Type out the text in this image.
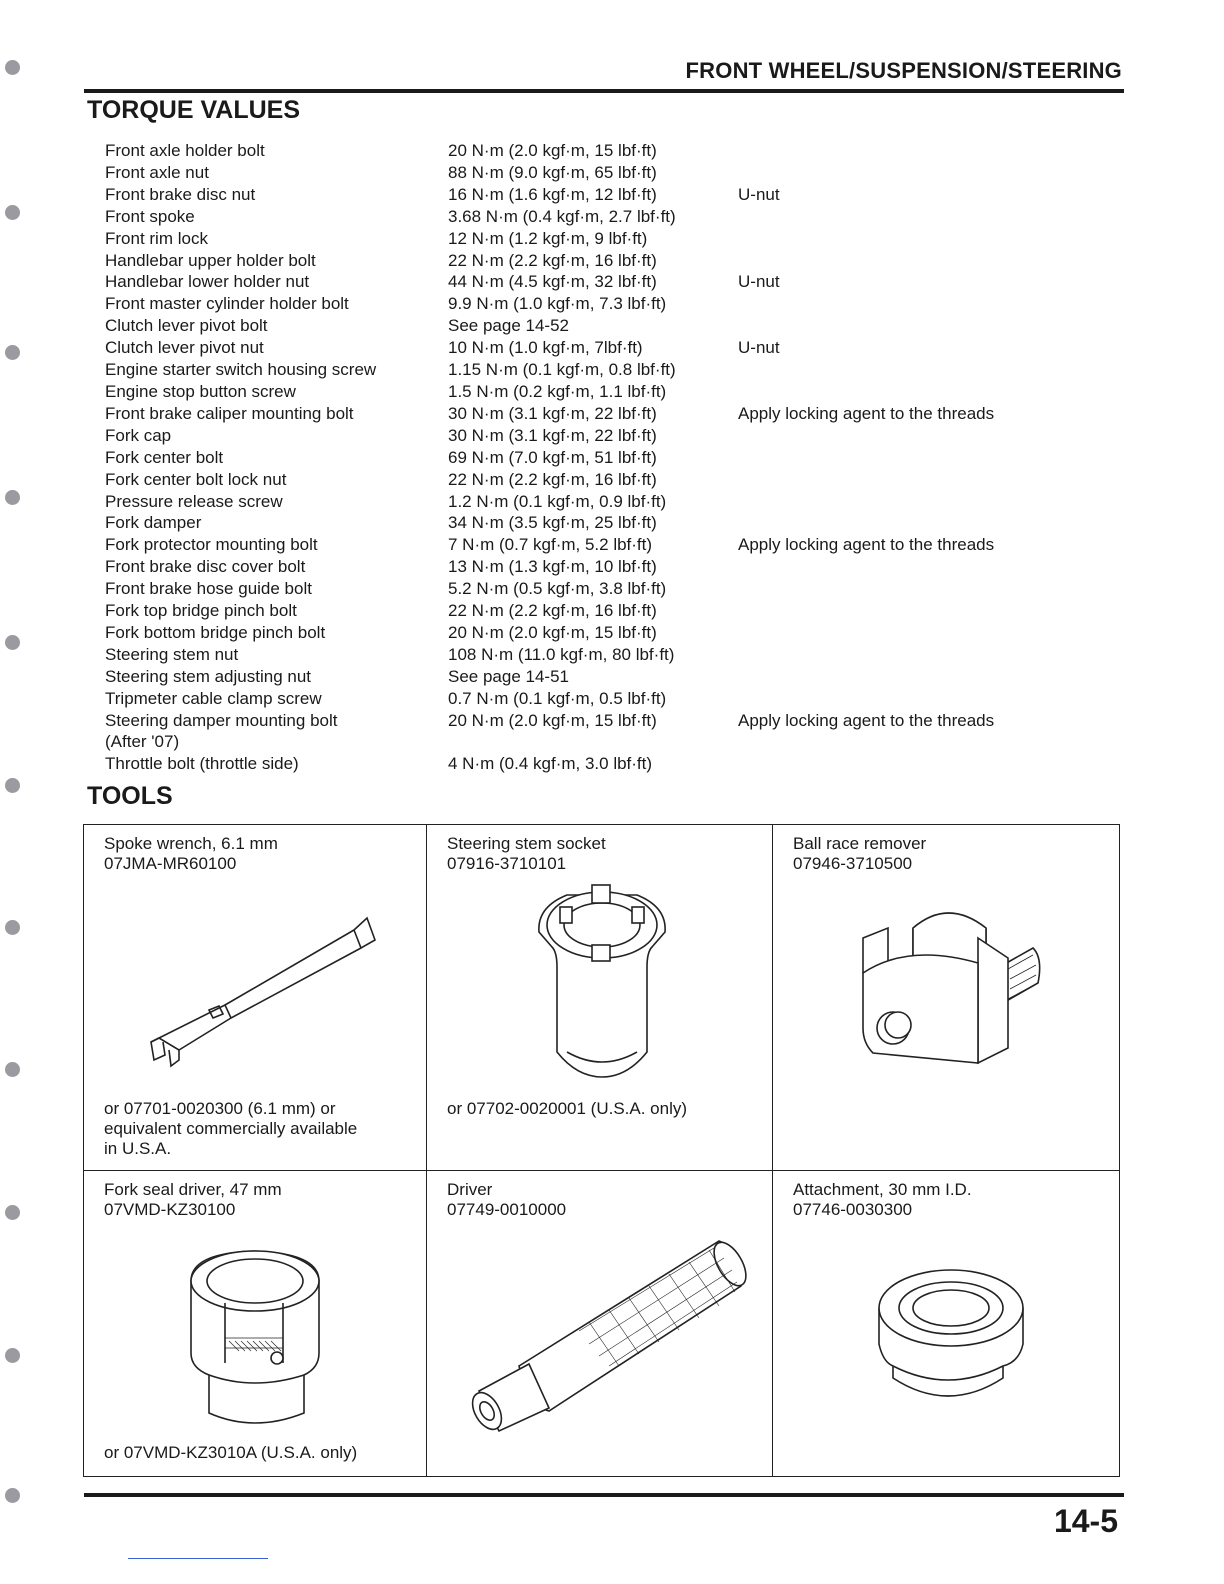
FRONT WHEEL/SUSPENSION/STEERING
TORQUE VALUES
Front axle holder bolt	20 N·m (2.0 kgf·m, 15 lbf·ft)
Front axle nut	88 N·m (9.0 kgf·m, 65 lbf·ft)
Front brake disc nut	16 N·m (1.6 kgf·m, 12 lbf·ft)	U-nut
Front spoke	3.68 N·m (0.4 kgf·m, 2.7 lbf·ft)
Front rim lock	12 N·m (1.2 kgf·m, 9 lbf·ft)
Handlebar upper holder bolt	22 N·m (2.2 kgf·m, 16 lbf·ft)
Handlebar lower holder nut	44 N·m (4.5 kgf·m, 32 lbf·ft)	U-nut
Front master cylinder holder bolt	9.9 N·m (1.0 kgf·m, 7.3 lbf·ft)
Clutch lever pivot bolt	See page 14-52
Clutch lever pivot nut	10 N·m (1.0 kgf·m, 7lbf·ft)	U-nut
Engine starter switch housing screw	1.15 N·m (0.1 kgf·m, 0.8 lbf·ft)
Engine stop button screw	1.5 N·m (0.2 kgf·m, 1.1 lbf·ft)
Front brake caliper mounting bolt	30 N·m (3.1 kgf·m, 22 lbf·ft)	Apply locking agent to the threads
Fork cap	30 N·m (3.1 kgf·m, 22 lbf·ft)
Fork center bolt	69 N·m (7.0 kgf·m, 51 lbf·ft)
Fork center bolt lock nut	22 N·m (2.2 kgf·m, 16 lbf·ft)
Pressure release screw	1.2 N·m (0.1 kgf·m, 0.9 lbf·ft)
Fork damper	34 N·m (3.5 kgf·m, 25 lbf·ft)
Fork protector mounting bolt	7 N·m (0.7 kgf·m, 5.2 lbf·ft)	Apply locking agent to the threads
Front brake disc cover bolt	13 N·m (1.3 kgf·m, 10 lbf·ft)
Front brake hose guide bolt	5.2 N·m (0.5 kgf·m, 3.8 lbf·ft)
Fork top bridge pinch bolt	22 N·m (2.2 kgf·m, 16 lbf·ft)
Fork bottom bridge pinch bolt	20 N·m (2.0 kgf·m, 15 lbf·ft)
Steering stem nut	108 N·m (11.0 kgf·m, 80 lbf·ft)
Steering stem adjusting nut	See page 14-51
Tripmeter cable clamp screw	0.7 N·m (0.1 kgf·m, 0.5 lbf·ft)
Steering damper mounting bolt	20 N·m (2.0 kgf·m, 15 lbf·ft)	Apply locking agent to the threads
(After '07)
Throttle bolt (throttle side)	4 N·m (0.4 kgf·m, 3.0 lbf·ft)
TOOLS
Spoke wrench, 6.1 mm
07JMA-MR60100
or 07701-0020300 (6.1 mm) or
equivalent commercially available
in U.S.A.
Steering stem socket
07916-3710101
or 07702-0020001 (U.S.A. only)
Ball race remover
07946-3710500
Fork seal driver, 47 mm
07VMD-KZ30100
or 07VMD-KZ3010A (U.S.A. only)
Driver
07749-0010000
Attachment, 30 mm I.D.
07746-0030300
14-5
